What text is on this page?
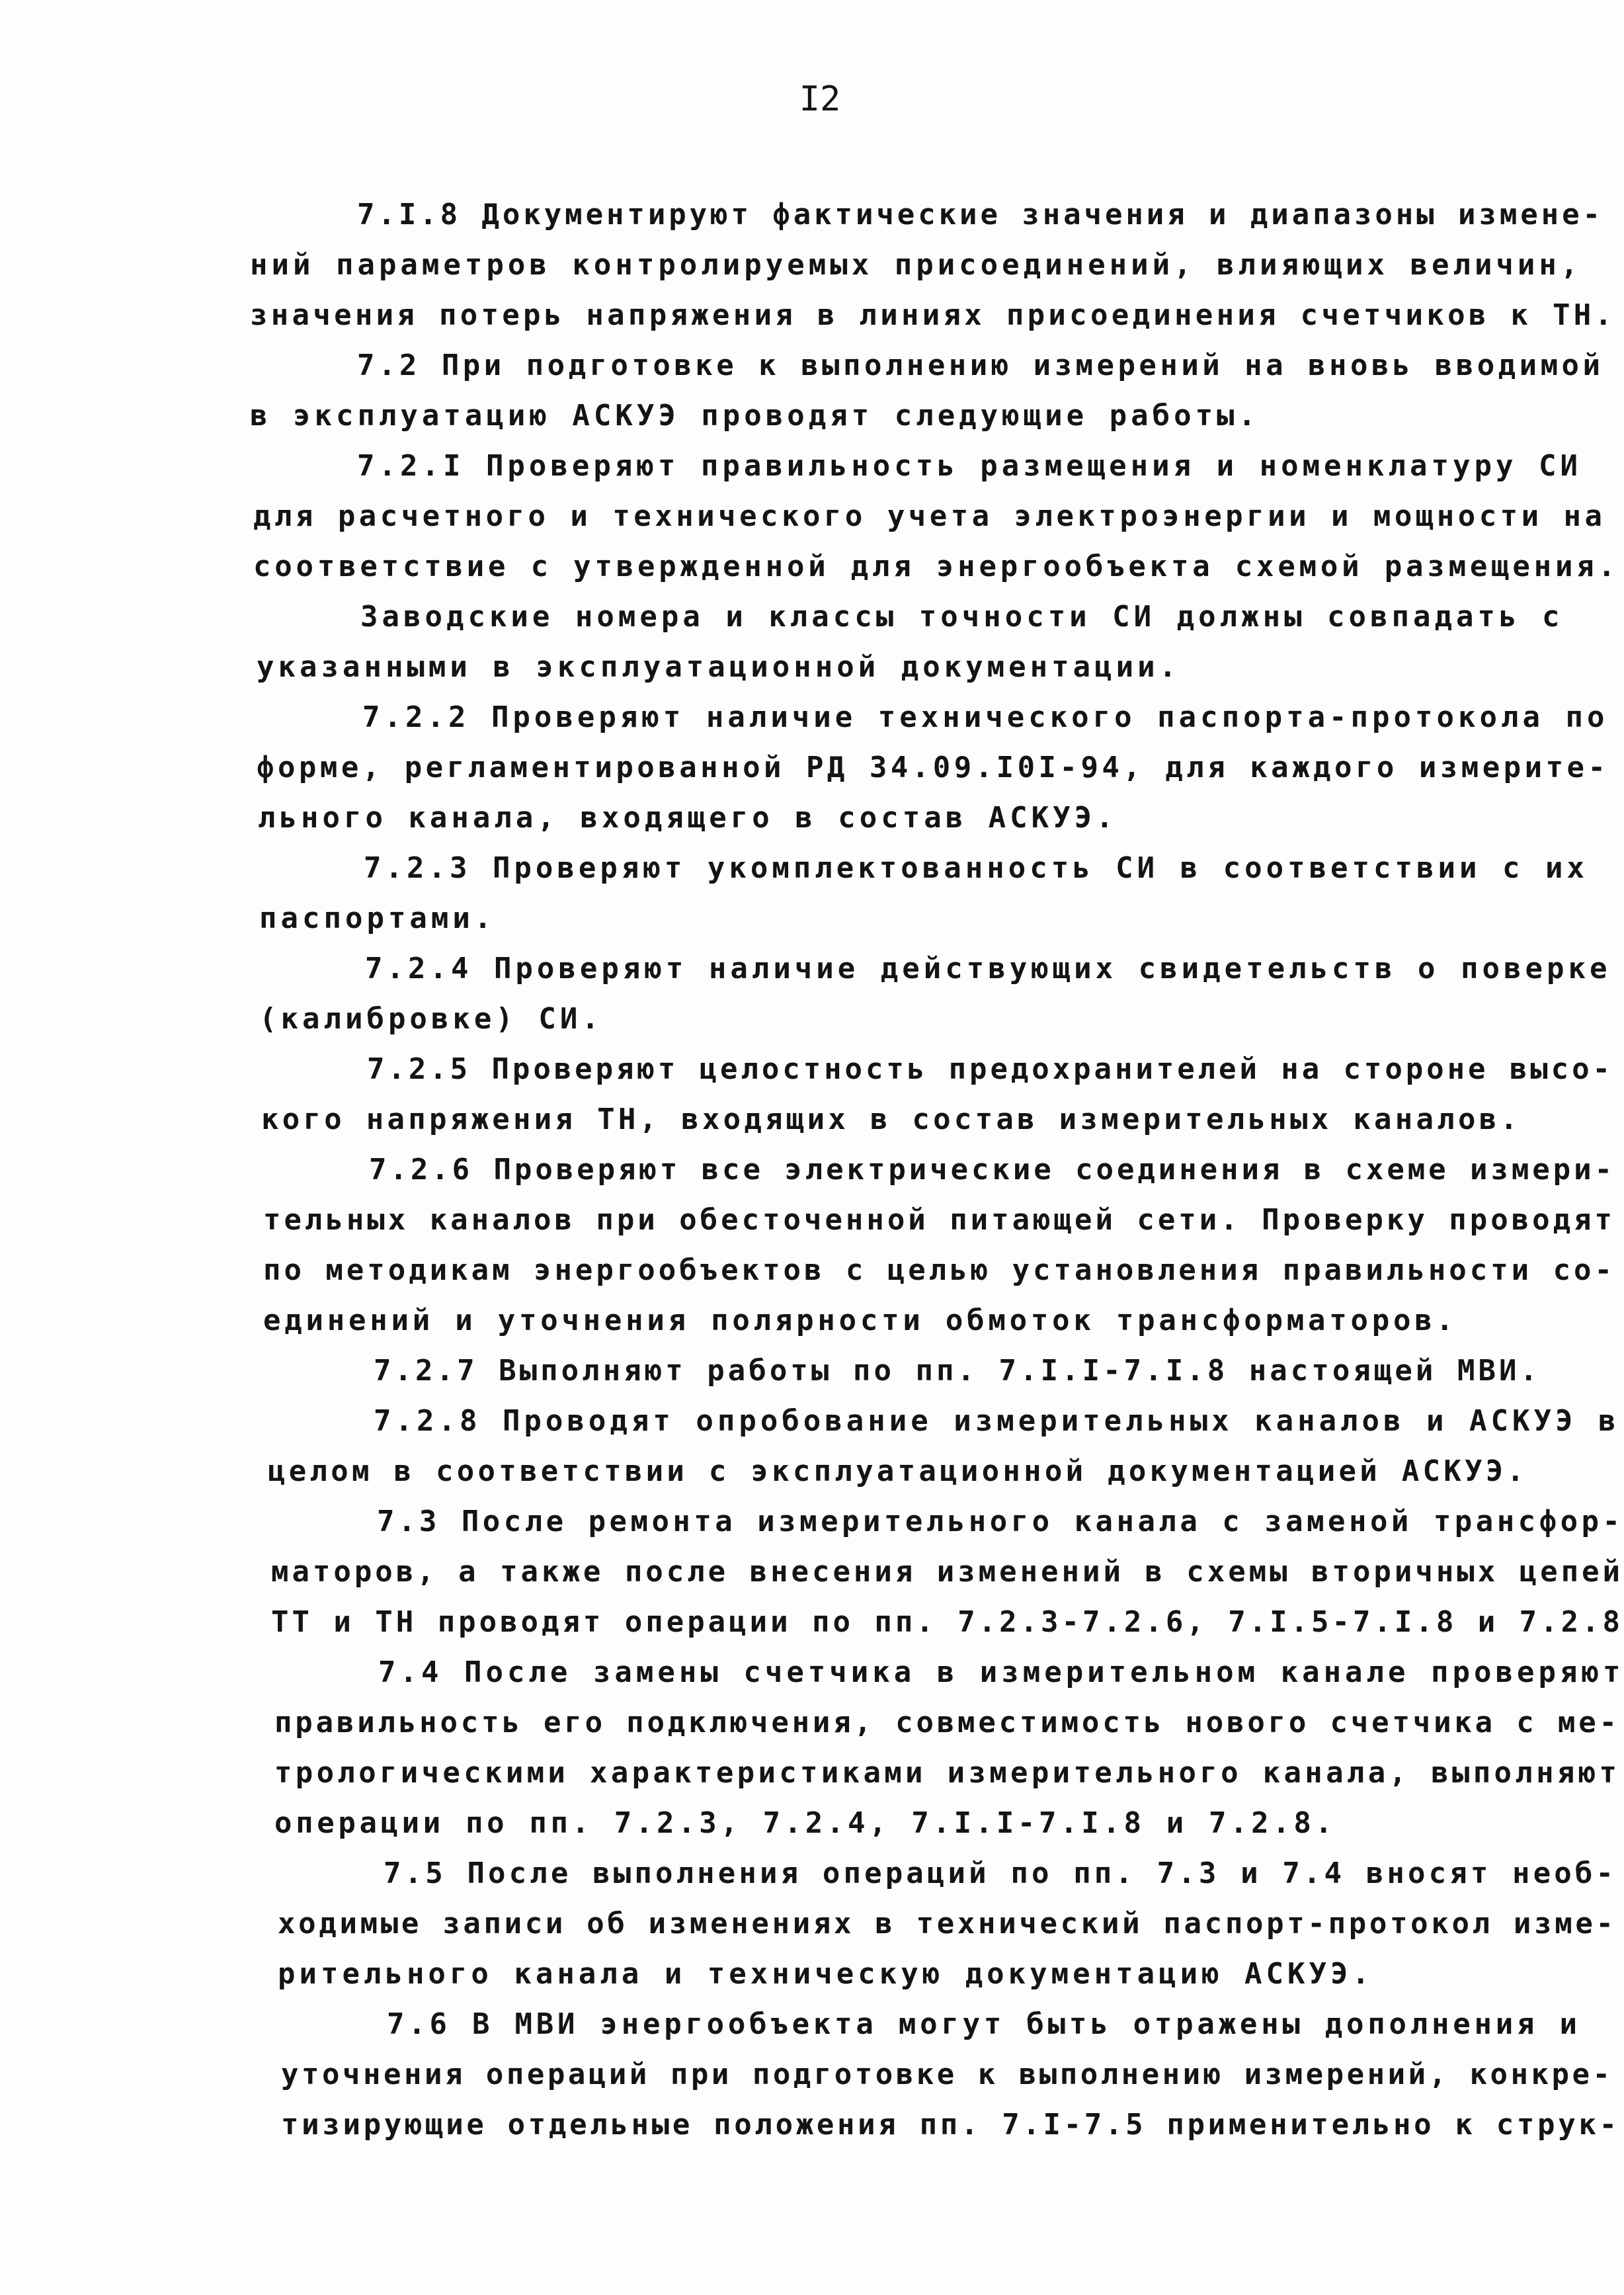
I2
7.I.8 Документируют фактические значения и диапазоны измене-
ний параметров контролируемых присоединений, влияющих величин,
значения потерь напряжения в линиях присоединения счетчиков к ТН.
7.2 При подготовке к выполнению измерений на вновь вводимой
в эксплуатацию АСКУЭ проводят следующие работы.
7.2.I Проверяют правильность размещения и номенклатуру СИ
для расчетного и технического учета электроэнергии и мощности на
соответствие с утвержденной для энергообъекта схемой размещения.
Заводские номера и классы точности СИ должны совпадать с
указанными в эксплуатационной документации.
7.2.2 Проверяют наличие технического паспорта-протокола по
форме, регламентированной РД 34.09.I0I-94, для каждого измерите-
льного канала, входящего в состав АСКУЭ.
7.2.3 Проверяют укомплектованность СИ в соответствии с их
паспортами.
7.2.4 Проверяют наличие действующих свидетельств о поверке
(калибровке) СИ.
7.2.5 Проверяют целостность предохранителей на стороне высо-
кого напряжения ТН, входящих в состав измерительных каналов.
7.2.6 Проверяют все электрические соединения в схеме измери-
тельных каналов при обесточенной питающей сети. Проверку проводят
по методикам энергообъектов с целью установления правильности со-
единений и уточнения полярности обмоток трансформаторов.
7.2.7 Выполняют работы по пп. 7.I.I-7.I.8 настоящей МВИ.
7.2.8 Проводят опробование измерительных каналов и АСКУЭ в
целом в соответствии с эксплуатационной документацией АСКУЭ.
7.3 После ремонта измерительного канала с заменой трансфор-
маторов, а также после внесения изменений в схемы вторичных цепей
ТТ и ТН проводят операции по пп. 7.2.3-7.2.6, 7.I.5-7.I.8 и 7.2.8
7.4 После замены счетчика в измерительном канале проверяют
правильность его подключения, совместимость нового счетчика с ме-
трологическими характеристиками измерительного канала, выполняют
операции по пп. 7.2.3, 7.2.4, 7.I.I-7.I.8 и 7.2.8.
7.5 После выполнения операций по пп. 7.3 и 7.4 вносят необ-
ходимые записи об изменениях в технический паспорт-протокол изме-
рительного канала и техническую документацию АСКУЭ.
7.6 В МВИ энергообъекта могут быть отражены дополнения и
уточнения операций при подготовке к выполнению измерений, конкре-
тизирующие отдельные положения пп. 7.I-7.5 применительно к струк-
